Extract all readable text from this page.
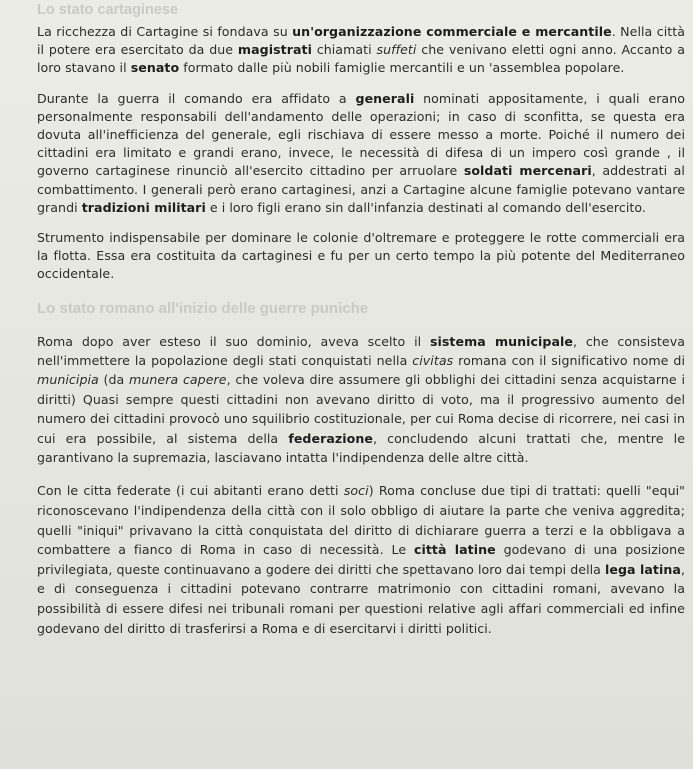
Lo stato cartaginese

La ricchezza di Cartagine si fondava su un'organizzazione commerciale e mercantile. Nella città il potere era esercitato da due magistrati chiamati suffeti che venivano eletti ogni anno. Accanto a loro stavano il senato formato dalle più nobili famiglie mercantili e un 'assemblea popolare.

Durante la guerra il comando era affidato a generali nominati appositamente, i quali erano personalmente responsabili dell'andamento delle operazioni; in caso di sconfitta, se questa era dovuta all'inefficienza del generale, egli rischiava di essere messo a morte. Poiché il numero dei cittadini era limitato e grandi erano, invece, le necessità di difesa di un impero così grande , il governo cartaginese rinunciò all'esercito cittadino per arruolare soldati mercenari, addestrati al combattimento. I generali però erano cartaginesi, anzi a Cartagine alcune famiglie potevano vantare grandi tradizioni militari e i loro figli erano sin dall'infanzia destinati al comando dell'esercito.

Strumento indispensabile per dominare le colonie d'oltremare e proteggere le rotte commerciali era la flotta. Essa era costituita da cartaginesi e fu per un certo tempo la più potente del Mediterraneo occidentale.

Lo stato romano all'inizio delle guerre puniche

Roma dopo aver esteso il suo dominio, aveva scelto il sistema municipale, che consisteva nell'immettere la popolazione degli stati conquistati nella civitas romana con il significativo nome di municipia (da munera capere, che voleva dire assumere gli obblighi dei cittadini senza acquistarne i diritti) Quasi sempre questi cittadini non avevano diritto di voto, ma il progressivo aumento del numero dei cittadini provocò uno squilibrio costituzionale, per cui Roma decise di ricorrere, nei casi in cui era possibile, al sistema della federazione, concludendo alcuni trattati che, mentre le garantivano la supremazia, lasciavano intatta l'indipendenza delle altre città.

Con le citta federate (i cui abitanti erano detti soci) Roma concluse due tipi di trattati: quelli "equi" riconoscevano l'indipendenza della città con il solo obbligo di aiutare la parte che veniva aggredita; quelli "iniqui" privavano la città conquistata del diritto di dichiarare guerra a terzi e la obbligava a combattere a fianco di Roma in caso di necessità. Le città latine godevano di una posizione privilegiata, queste continuavano a godere dei diritti che spettavano loro dai tempi della lega latina, e di conseguenza i cittadini potevano contrarre matrimonio con cittadini romani, avevano la possibilità di essere difesi nei tribunali romani per questioni relative agli affari commerciali ed infine godevano del diritto di trasferirsi a Roma e di esercitarvi i diritti politici.
